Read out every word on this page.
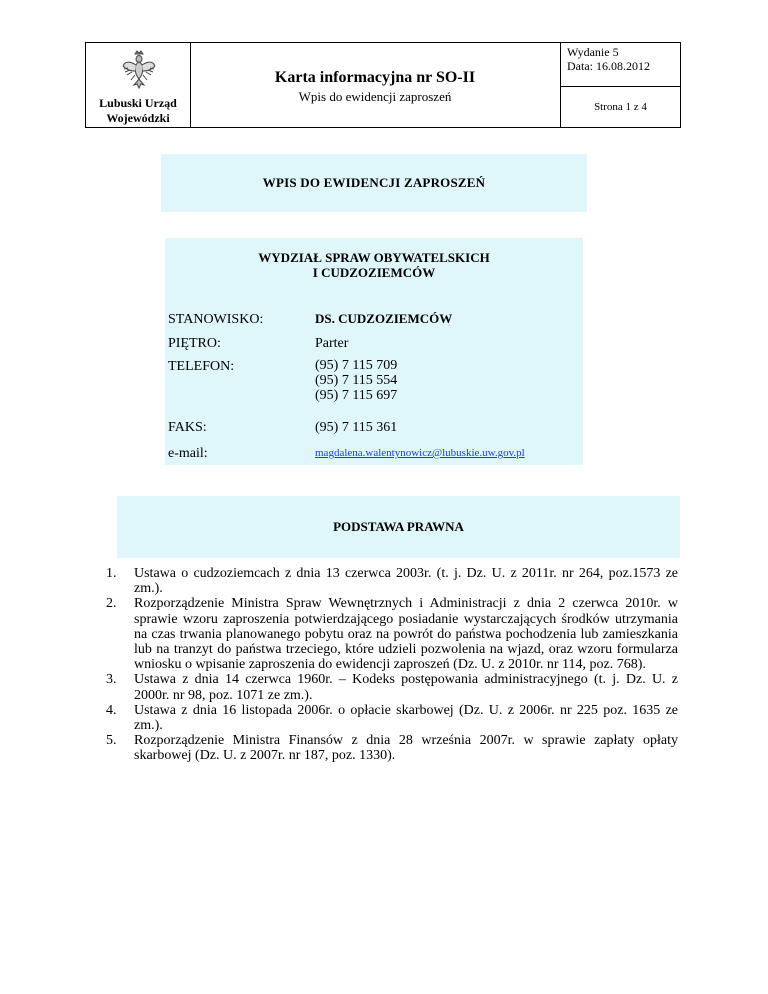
Lubuski Urząd Wojewódzki
Karta informacyjna nr SO-II
Wpis do ewidencji zaproszeń
Wydanie 5
Data: 16.08.2012
Strona 1 z 4
WPIS DO EWIDENCJI ZAPROSZEŃ
WYDZIAŁ SPRAW OBYWATELSKICH
I CUDZOZIEMCÓW
STANOWISKO:	DS. CUDZOZIEMCÓW
PIĘTRO:	Parter
TELEFON:	(95) 7 115 709
(95) 7 115 554
(95) 7 115 697
FAKS:	(95) 7 115 361
e-mail:	magdalena.walentynowicz@lubuskie.uw.gov.pl
PODSTAWA PRAWNA
1. Ustawa o cudzoziemcach z dnia 13 czerwca 2003r. (t. j. Dz. U. z 2011r. nr 264, poz.1573 ze zm.).
2. Rozporządzenie Ministra Spraw Wewnętrznych i Administracji z dnia 2 czerwca 2010r. w sprawie wzoru zaproszenia potwierdzającego posiadanie wystarczających środków utrzymania na czas trwania planowanego pobytu oraz na powrót do państwa pochodzenia lub zamieszkania lub na tranzyt do państwa trzeciego, które udzieli pozwolenia na wjazd, oraz wzoru formularza wniosku o wpisanie zaproszenia do ewidencji zaproszeń (Dz. U. z 2010r. nr 114, poz. 768).
3. Ustawa z dnia 14 czerwca 1960r. – Kodeks postępowania administracyjnego (t. j. Dz. U. z 2000r. nr 98, poz. 1071 ze zm.).
4. Ustawa z dnia 16 listopada 2006r. o opłacie skarbowej (Dz. U. z 2006r. nr 225 poz. 1635 ze zm.).
5. Rozporządzenie Ministra Finansów z dnia 28 września 2007r. w sprawie zapłaty opłaty skarbowej (Dz. U. z 2007r. nr 187, poz. 1330).
